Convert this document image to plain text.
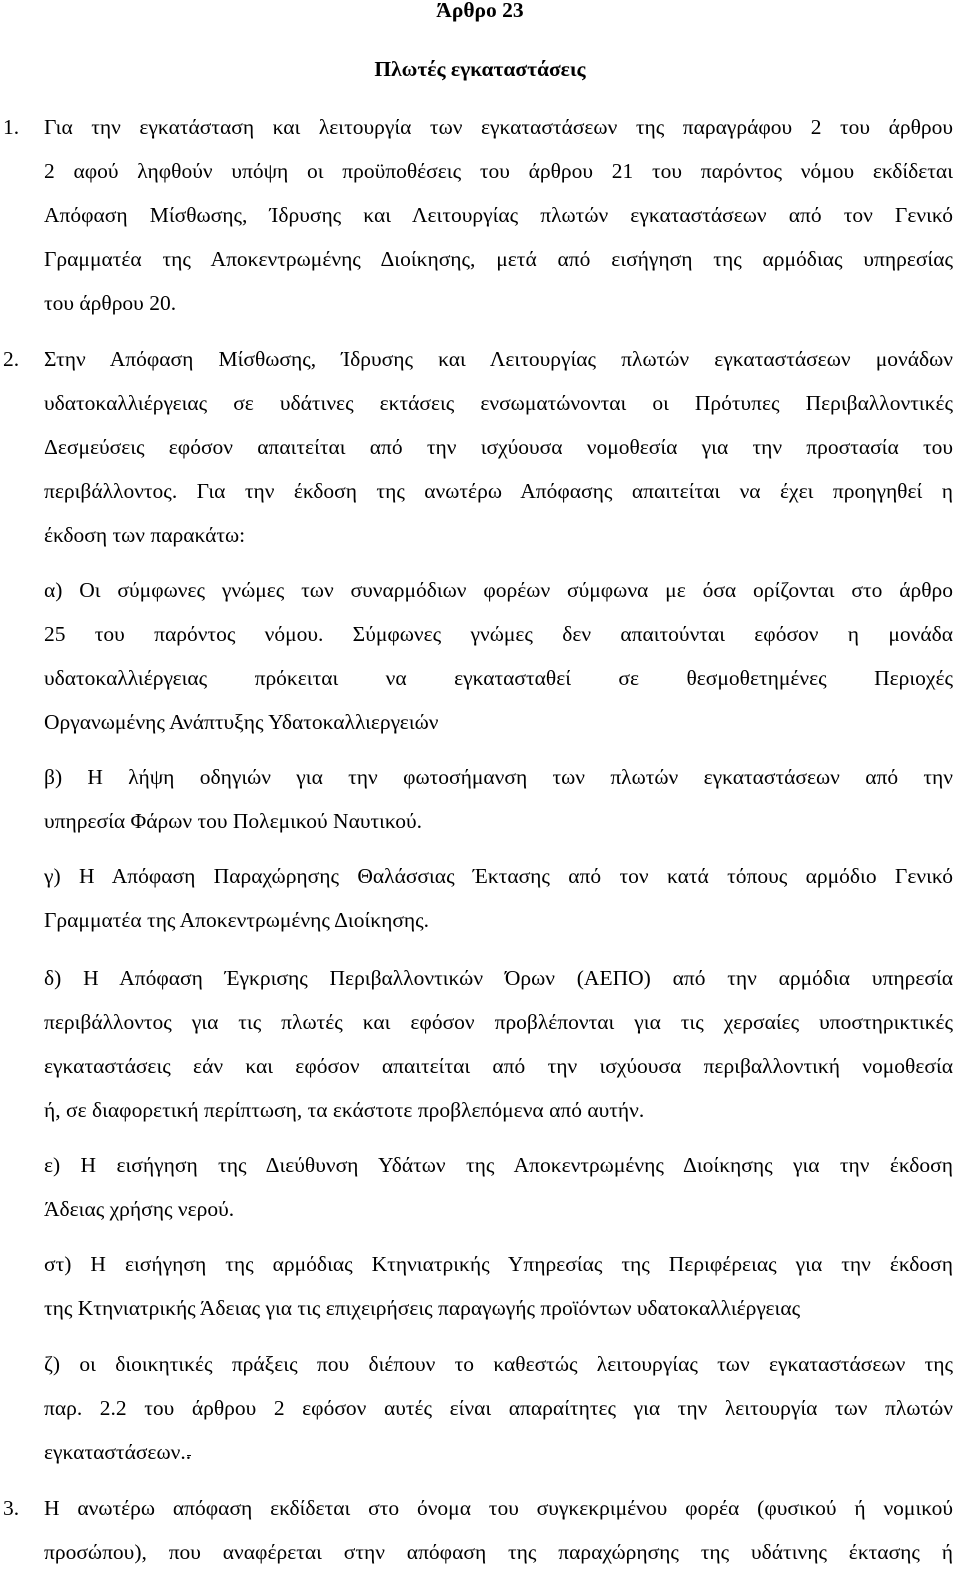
Άρθρο 23
Πλωτές εγκαταστάσεις
1. Για την εγκατάσταση και λειτουργία των εγκαταστάσεων της παραγράφου 2 του άρθρου
2 αφού ληφθούν υπόψη οι προϋποθέσεις του άρθρου 21 του παρόντος νόμου εκδίδεται
Απόφαση Μίσθωσης, Ίδρυσης και Λειτουργίας πλωτών εγκαταστάσεων από τον Γενικό
Γραμματέα της Αποκεντρωμένης Διοίκησης, μετά από εισήγηση της αρμόδιας υπηρεσίας
του άρθρου 20.
2. Στην Απόφαση Μίσθωσης, Ίδρυσης και Λειτουργίας πλωτών εγκαταστάσεων μονάδων
υδατοκαλλιέργειας σε υδάτινες εκτάσεις ενσωματώνονται οι Πρότυπες Περιβαλλοντικές
Δεσμεύσεις εφόσον απαιτείται από την ισχύουσα νομοθεσία για την προστασία του
περιβάλλοντος. Για την έκδοση της ανωτέρω Απόφασης απαιτείται να έχει προηγηθεί η
έκδοση των παρακάτω:
α) Οι σύμφωνες γνώμες των συναρμόδιων φορέων σύμφωνα με όσα ορίζονται στο άρθρο
25 του παρόντος νόμου. Σύμφωνες γνώμες δεν απαιτούνται εφόσον η μονάδα
υδατοκαλλιέργειας πρόκειται να εγκατασταθεί σε θεσμοθετημένες Περιοχές
Οργανωμένης Ανάπτυξης Υδατοκαλλιεργειών
β) Η λήψη οδηγιών για την φωτοσήμανση των πλωτών εγκαταστάσεων από την
υπηρεσία Φάρων του Πολεμικού Ναυτικού.
γ) Η Απόφαση Παραχώρησης Θαλάσσιας Έκτασης από τον κατά τόπους αρμόδιο Γενικό
Γραμματέα της Αποκεντρωμένης Διοίκησης.
δ) Η Απόφαση Έγκρισης Περιβαλλοντικών Όρων (ΑΕΠΟ) από την αρμόδια υπηρεσία
περιβάλλοντος για τις πλωτές και εφόσον προβλέπονται για τις χερσαίες υποστηρικτικές
εγκαταστάσεις εάν και εφόσον απαιτείται από την ισχύουσα περιβαλλοντική νομοθεσία
ή, σε διαφορετική περίπτωση, τα εκάστοτε προβλεπόμενα από αυτήν.
ε) Η εισήγηση της Διεύθυνση Υδάτων της Αποκεντρωμένης Διοίκησης για την έκδοση
Άδειας χρήσης νερού.
στ) Η εισήγηση της αρμόδιας Κτηνιατρικής Υπηρεσίας της Περιφέρειας για την έκδοση
της Κτηνιατρικής Άδειας για τις επιχειρήσεις παραγωγής προϊόντων υδατοκαλλιέργειας
ζ) οι διοικητικές πράξεις που διέπουν το καθεστώς λειτουργίας των εγκαταστάσεων της
παρ. 2.2 του άρθρου 2 εφόσον αυτές είναι απαραίτητες για την λειτουργία των πλωτών
εγκαταστάσεων..
3. Η ανωτέρω απόφαση εκδίδεται στο όνομα του συγκεκριμένου φορέα (φυσικού ή νομικού
προσώπου), που αναφέρεται στην απόφαση της παραχώρησης της υδάτινης έκτασης ή
